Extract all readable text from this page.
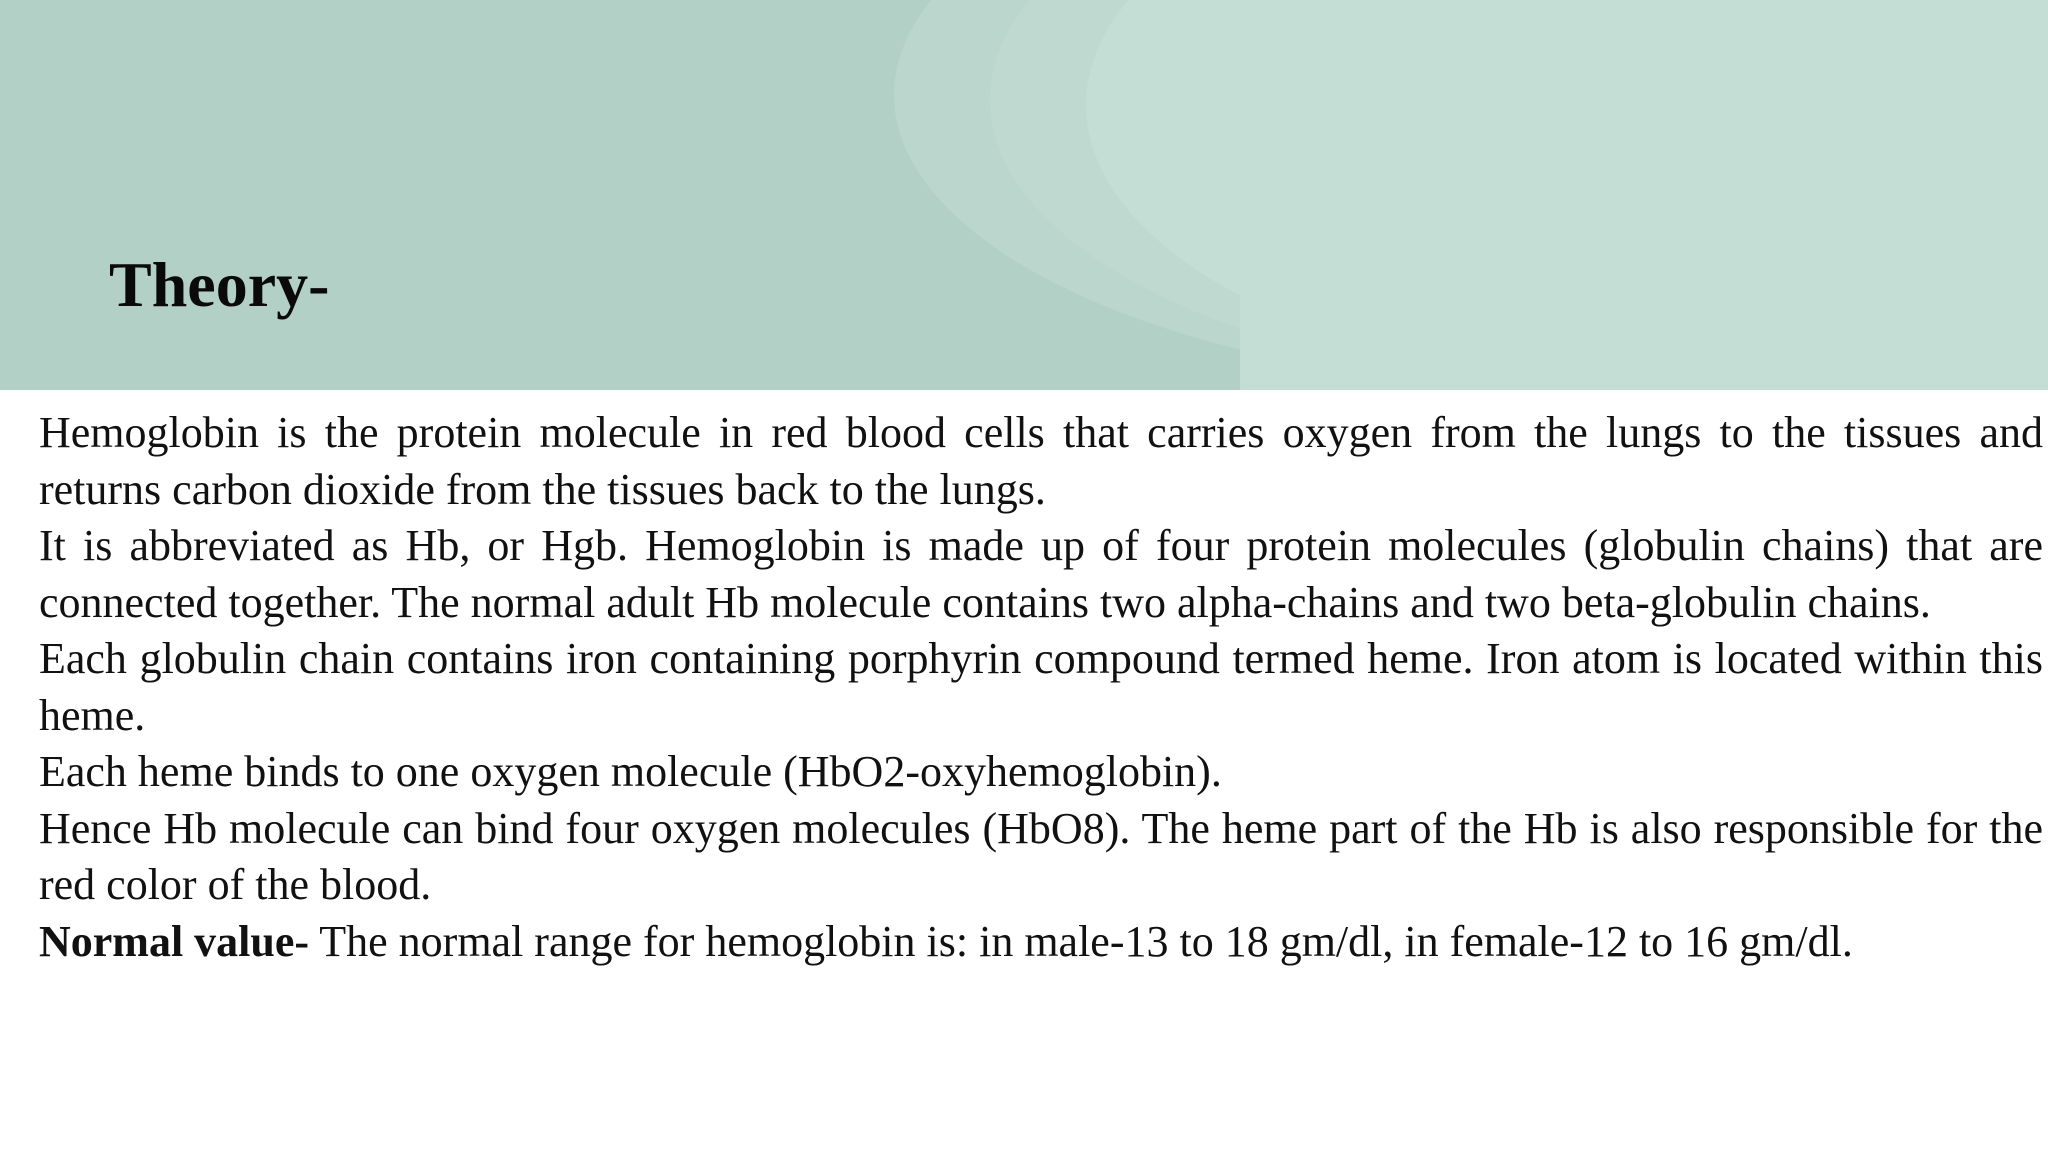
Theory-

Hemoglobin is the protein molecule in red blood cells that carries oxygen from the lungs to the tissues and returns carbon dioxide from the tissues back to the lungs.

It is abbreviated as Hb, or Hgb. Hemoglobin is made up of four protein molecules (globulin chains) that are connected together. The normal adult Hb molecule contains two alpha-chains and two beta-globulin chains.

Each globulin chain contains iron containing porphyrin compound termed heme. Iron atom is located within this heme.

Each heme binds to one oxygen molecule (HbO2-oxyhemoglobin).

Hence Hb molecule can bind four oxygen molecules (HbO8). The heme part of the Hb is also responsible for the red color of the blood.

Normal value- The normal range for hemoglobin is: in male-13 to 18 gm/dl, in female-12 to 16 gm/dl.
